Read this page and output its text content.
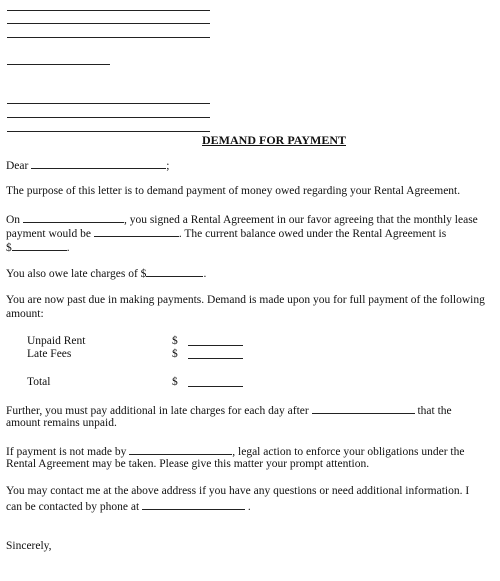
DEMAND FOR PAYMENT
Dear	;
The purpose of this letter is to demand payment of money owed regarding your Rental Agreement.
On	, you signed a Rental Agreement in our favor agreeing that the monthly lease
payment would be	. The current balance owed under the Rental Agreement is
$	.
You also owe late charges of $	.
You are now past due in making payments. Demand is made upon you for full payment of the following
amount:
Unpaid Rent	$
Late Fees	$
Total	$
Further, you must pay additional in late charges for each day after	that the
amount remains unpaid.
If payment is not made by	, legal action to enforce your obligations under the
Rental Agreement may be taken. Please give this matter your prompt attention.
You may contact me at the above address if you have any questions or need additional information. I
can be contacted by phone at	.
Sincerely,
